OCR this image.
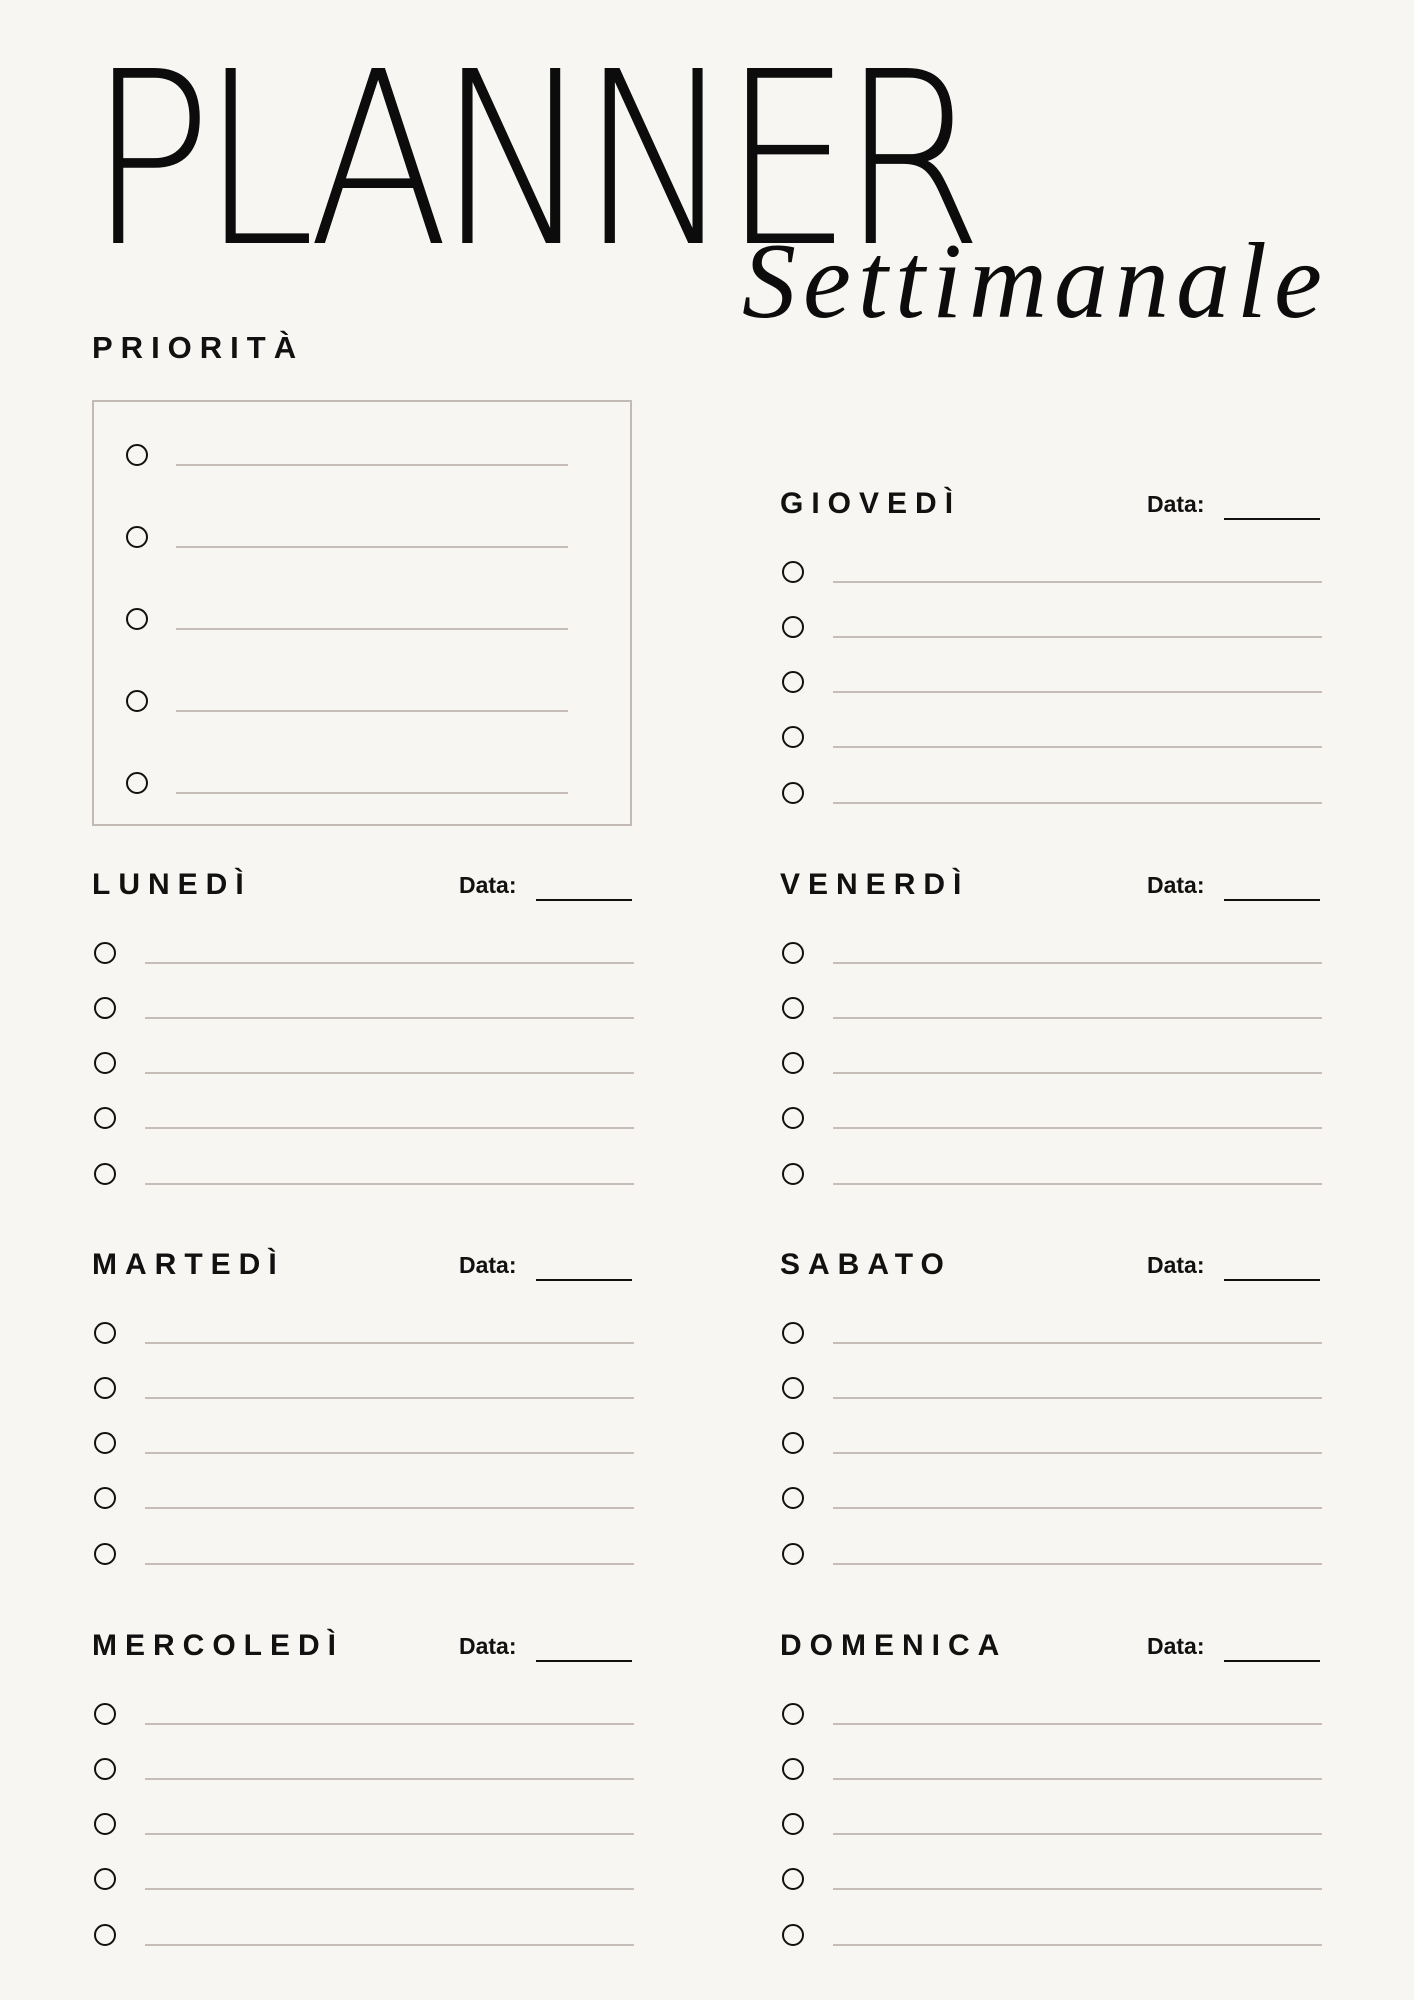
PLANNER
Settimanale
PRIORITÀ
LUNEDÌ	Data:
MARTEDÌ	Data:
MERCOLEDÌ	Data:
GIOVEDÌ	Data:
VENERDÌ	Data:
SABATO	Data:
DOMENICA	Data:
